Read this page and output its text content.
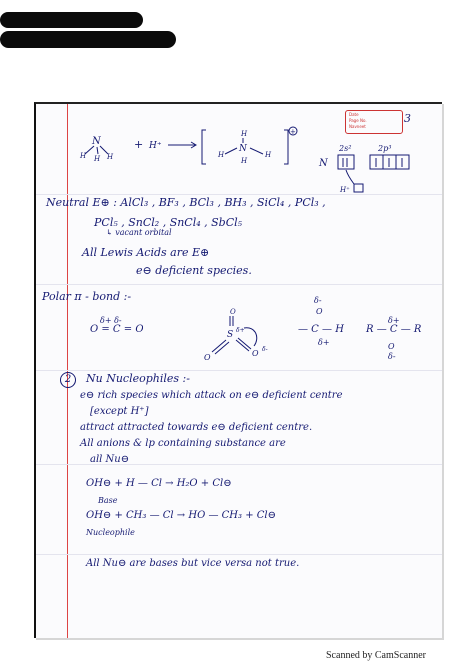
Date
Page No.
Navneet
3
N
H H H
+ H⁺
H
N
H	H
H
+
N
2s²	2p³
H⁺
Neutral E⊕ : AlCl₃ , BF₃ , BCl₃ , BH₃ , SiCl₄ , PCl₃ ,
PCl₅ , SnCl₂ , SnCl₄ , SbCl₅
↳ vacant orbital
All Lewis Acids are E⊕
e⊖ deficient species.
Polar π - bond :-
δ+ δ-
O = C = O
O
S δ+
O	O δ-
δ-
O
— C — H
δ+
δ+
R — C — R
O
δ-
2	Nu Nucleophiles :-
e⊖ rich species which attack on e⊖ deficient centre
[except H⁺]
attract attracted towards e⊖ deficient centre.
All anions & lp containing substance are
all Nu⊖
OH⊖ + H — Cl → H₂O + Cl⊖
Base
OH⊖ + CH₃ — Cl → HO — CH₃ + Cl⊖
Nucleophile
All Nu⊖ are bases but vice versa not true.
Scanned by CamScanner
